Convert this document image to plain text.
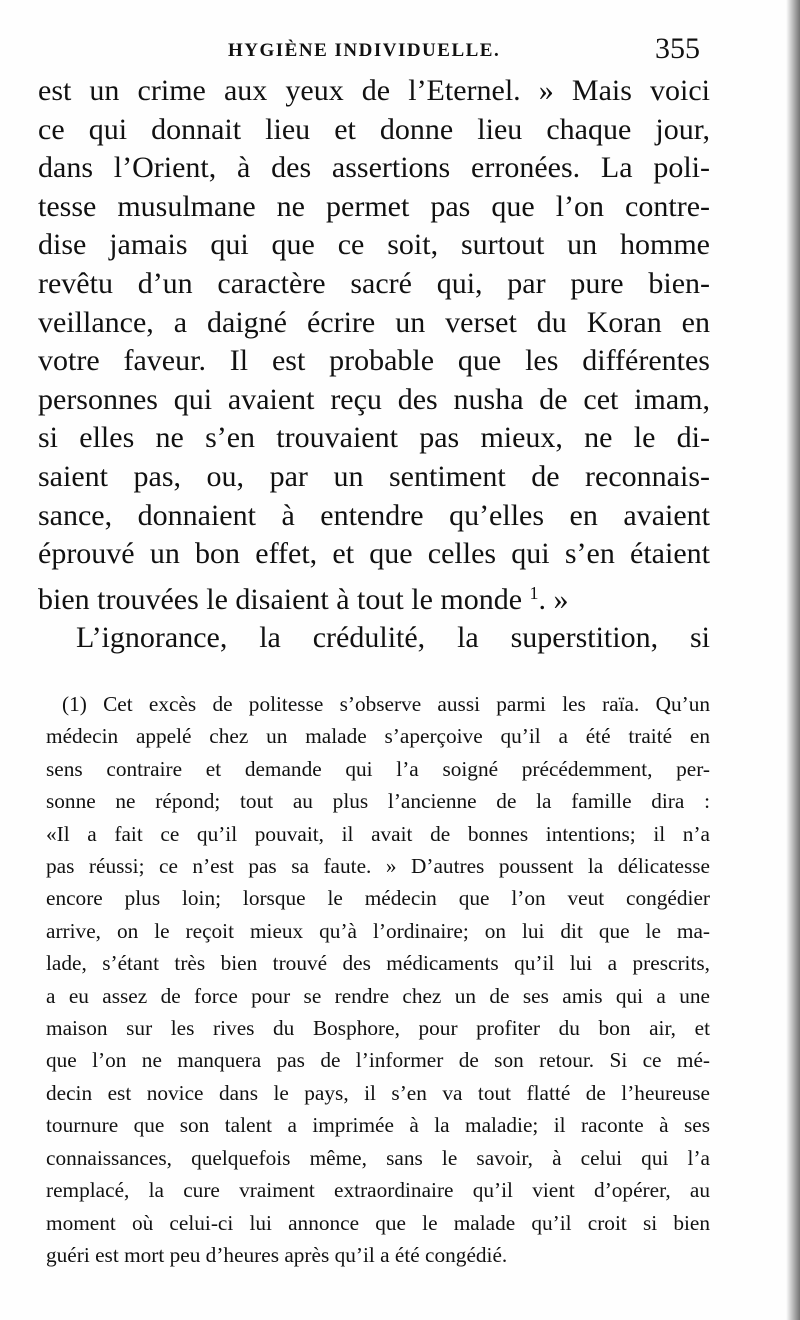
HYGIÈNE INDIVIDUELLE.	355
est un crime aux yeux de l’Eternel. » Mais voici
ce qui donnait lieu et donne lieu chaque jour,
dans l’Orient, à des assertions erronées. La poli-
tesse musulmane ne permet pas que l’on contre-
dise jamais qui que ce soit, surtout un homme
revêtu d’un caractère sacré qui, par pure bien-
veillance, a daigné écrire un verset du Koran en
votre faveur. Il est probable que les différentes
personnes qui avaient reçu des nusha de cet imam,
si elles ne s’en trouvaient pas mieux, ne le di-
saient pas, ou, par un sentiment de reconnais-
sance, donnaient à entendre qu’elles en avaient
éprouvé un bon effet, et que celles qui s’en étaient
bien trouvées le disaient à tout le monde $^1$. »
L’ignorance, la crédulité, la superstition, si
(1) Cet excès de politesse s’observe aussi parmi les raïa. Qu’un
médecin appelé chez un malade s’aperçoive qu’il a été traité en
sens contraire et demande qui l’a soigné précédemment, per-
sonne ne répond; tout au plus l’ancienne de la famille dira :
«Il a fait ce qu’il pouvait, il avait de bonnes intentions; il n’a
pas réussi; ce n’est pas sa faute. » D’autres poussent la délicatesse
encore plus loin; lorsque le médecin que l’on veut congédier
arrive, on le reçoit mieux qu’à l’ordinaire; on lui dit que le ma-
lade, s’étant très bien trouvé des médicaments qu’il lui a prescrits,
a eu assez de force pour se rendre chez un de ses amis qui a une
maison sur les rives du Bosphore, pour profiter du bon air, et
que l’on ne manquera pas de l’informer de son retour. Si ce mé-
decin est novice dans le pays, il s’en va tout flatté de l’heureuse
tournure que son talent a imprimée à la maladie; il raconte à ses
connaissances, quelquefois même, sans le savoir, à celui qui l’a
remplacé, la cure vraiment extraordinaire qu’il vient d’opérer, au
moment où celui-ci lui annonce que le malade qu’il croit si bien
guéri est mort peu d’heures après qu’il a été congédié.
